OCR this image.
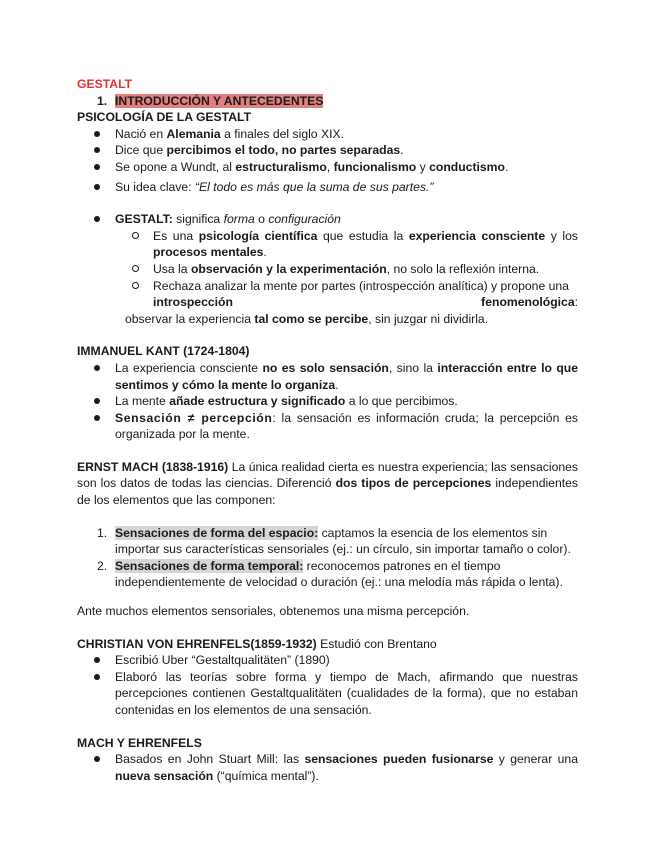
GESTALT
1. INTRODUCCIÓN Y ANTECEDENTES
PSICOLOGÍA DE LA GESTALT
Nació en Alemania a finales del siglo XIX.
Dice que percibimos el todo, no partes separadas.
Se opone a Wundt, al estructuralismo, funcionalismo y conductismo.
Su idea clave: “El todo es más que la suma de sus partes.”
GESTALT: significa forma o configuración
Es una psicología científica que estudia la experiencia consciente y los procesos mentales.
Usa la observación y la experimentación, no solo la reflexión interna.
Rechaza analizar la mente por partes (introspección analítica) y propone una
introspección	fenomenológica:
observar la experiencia tal como se percibe, sin juzgar ni dividirla.
IMMANUEL KANT (1724-1804)
La experiencia consciente no es solo sensación, sino la interacción entre lo que sentimos y cómo la mente lo organiza.
La mente añade estructura y significado a lo que percibimos.
Sensación ≠ percepción: la sensación es información cruda; la percepción es organizada por la mente.

ERNST MACH (1838-1916) La única realidad cierta es nuestra experiencia; las sensaciones son los datos de todas las ciencias. Diferenció dos tipos de percepciones independientes de los elementos que las componen:

1. Sensaciones de forma del espacio: captamos la esencia de los elementos sin importar sus características sensoriales (ej.: un círculo, sin importar tamaño o color).
2. Sensaciones de forma temporal: reconocemos patrones en el tiempo independientemente de velocidad o duración (ej.: una melodía más rápida o lenta).

Ante muchos elementos sensoriales, obtenemos una misma percepción.

CHRISTIAN VON EHRENFELS(1859-1932) Estudió con Brentano

Escribió Uber “Gestaltqualitäten” (1890)
Elaboró las teorías sobre forma y tiempo de Mach, afirmando que nuestras percepciones contienen Gestaltqualitäten (cualidades de la forma), que no estaban contenidas en los elementos de una sensación.
MACH Y EHRENFELS
Basados en John Stuart Mill: las sensaciones pueden fusionarse y generar una nueva sensación (“química mental”).
